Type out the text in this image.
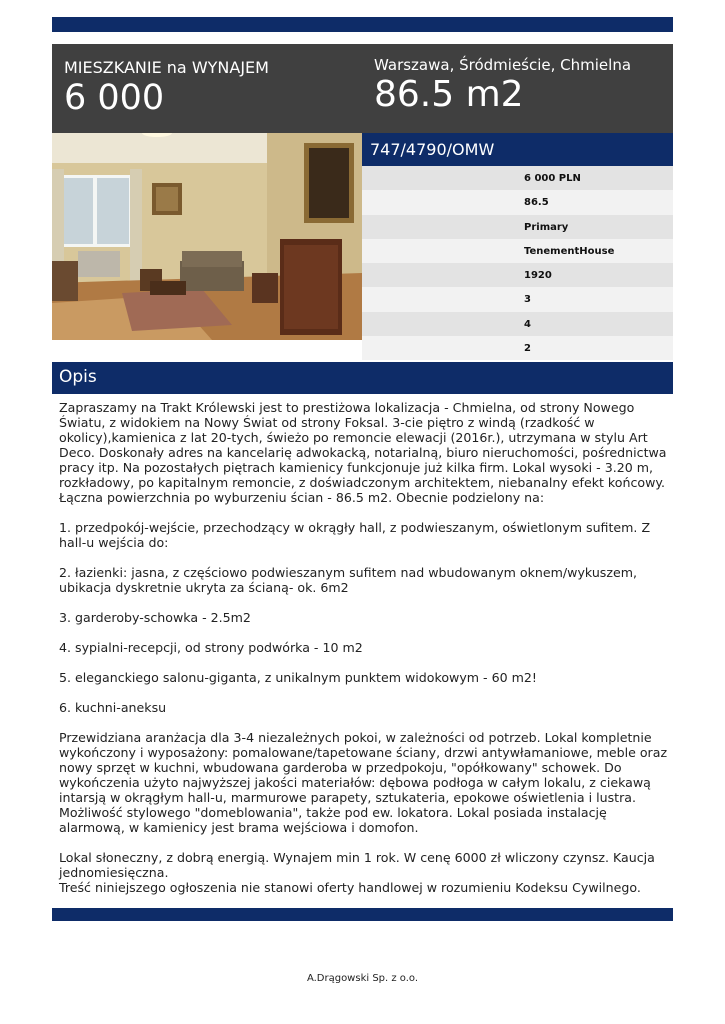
MIESZKANIE na WYNAJEM
6 000
Warszawa, Śródmieście, Chmielna
86.5 m2
747/4790/OMW
6 000 PLN
86.5
Primary
TenementHouse
1920
3
4
2
Opis

Zapraszamy na Trakt Królewski jest to prestiżowa lokalizacja - Chmielna, od strony Nowego Światu, z widokiem na Nowy Świat od strony Foksal. 3-cie piętro z windą (rzadkość w okolicy),kamienica z lat 20-tych, świeżo po remoncie elewacji (2016r.), utrzymana w stylu Art Deco. Doskonały adres na kancelarię adwokacką, notarialną, biuro nieruchomości, pośrednictwa pracy itp. Na pozostałych piętrach kamienicy funkcjonuje już kilka firm. Lokal wysoki - 3.20 m, rozkładowy, po kapitalnym remoncie, z doświadczonym architektem, niebanalny efekt końcowy. Łączna powierzchnia po wyburzeniu ścian - 86.5 m2. Obecnie podzielony na:

1. przedpokój-wejście, przechodzący w okrągły hall, z podwieszanym, oświetlonym sufitem. Z hall-u wejścia do:

2. łazienki: jasna, z częściowo podwieszanym sufitem nad wbudowanym oknem/wykuszem, ubikacja dyskretnie ukryta za ścianą- ok. 6m2

3. garderoby-schowka - 2.5m2

4. sypialni-recepcji, od strony podwórka - 10 m2

5. eleganckiego salonu-giganta, z unikalnym punktem widokowym - 60 m2!

6. kuchni-aneksu

Przewidziana aranżacja dla 3-4 niezależnych pokoi, w zależności od potrzeb. Lokal kompletnie wykończony i wyposażony: pomalowane/tapetowane ściany, drzwi antywłamaniowe, meble oraz nowy sprzęt w kuchni, wbudowana garderoba w przedpokoju, "opółkowany" schowek. Do wykończenia użyto najwyższej jakości materiałów: dębowa podłoga w całym lokalu, z ciekawą intarsją w okrągłym hall-u, marmurowe parapety, sztukateria, epokowe oświetlenia i lustra. Możliwość stylowego "domeblowania", także pod ew. lokatora. Lokal posiada instalację alarmową, w kamienicy jest brama wejściowa i domofon.

Lokal słoneczny, z dobrą energią. Wynajem min 1 rok. W cenę 6000 zł wliczony czynsz. Kaucja jednomiesięczna.

Treść niniejszego ogłoszenia nie stanowi oferty handlowej w rozumieniu Kodeksu Cywilnego.

A.Drągowski Sp. z o.o.
